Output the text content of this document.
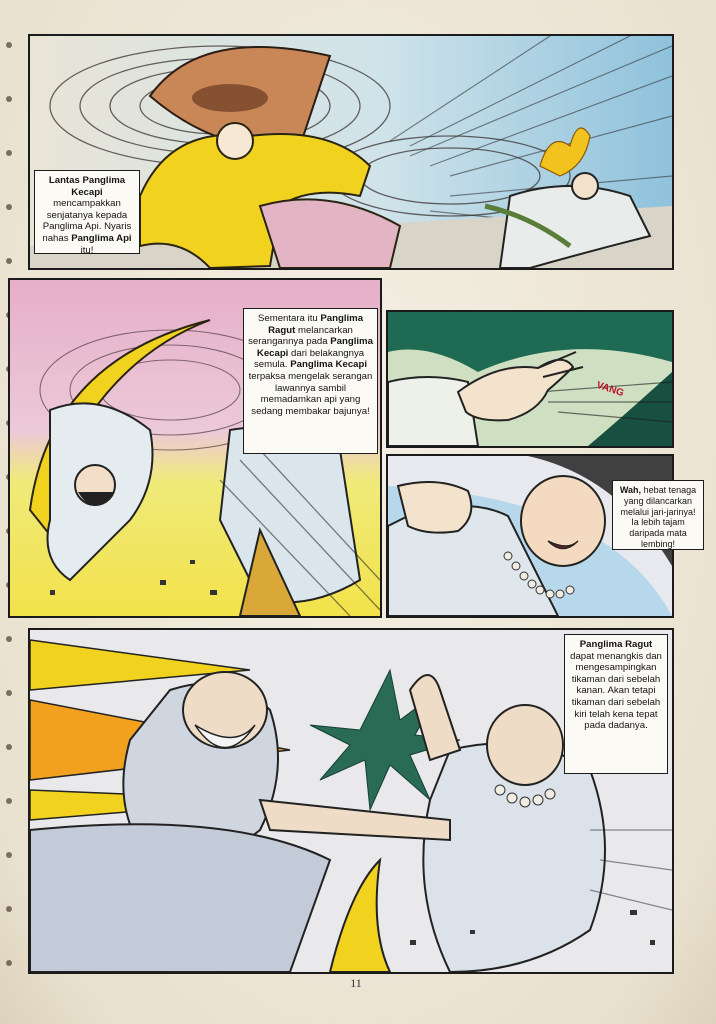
Lantas Panglima Kecapi mencampakkan senjatanya kepada Panglima Api. Nyaris nahas Panglima Api itu!
Sementara itu Panglima Ragut melancarkan serangannya pada Panglima Kecapi dari belakangnya semula. Panglima Kecapi terpaksa mengelak serangan lawannya sambil memadamkan api yang sedang membakar bajunya!
VANG
Wah, hebat tenaga yang dilancarkan melalui jari-jarinya! Ia lebih tajam daripada mata lembing!
Panglima Ragut dapat menangkis dan mengesampingkan tikaman dari sebelah kanan. Akan tetapi tikaman dari sebelah kiri telah kena tepat pada dadanya.
11
